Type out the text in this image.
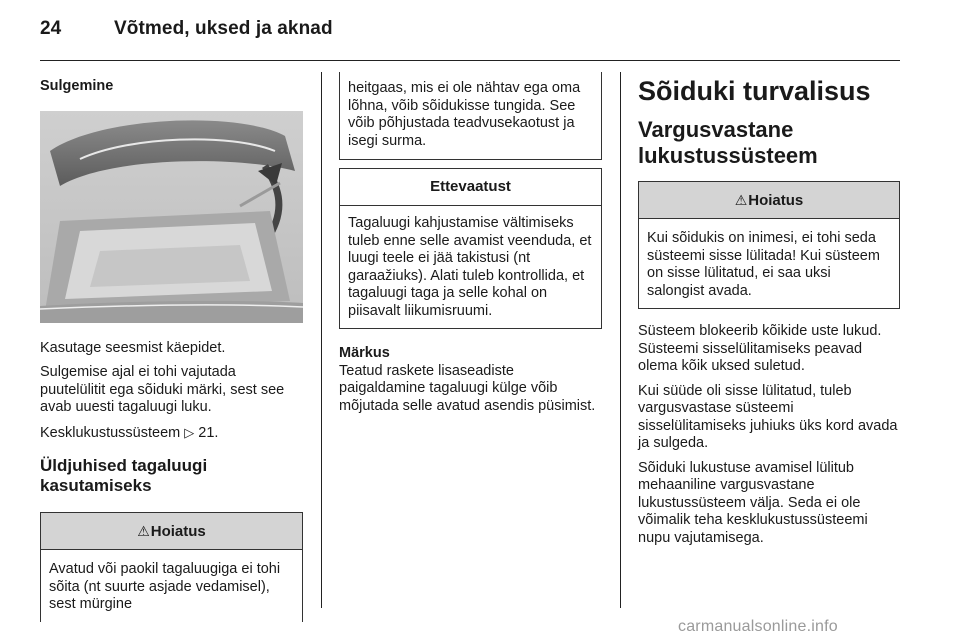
24	Võtmed, uksed ja aknad

Sulgemine

Kasutage seesmist käepidet.

Sulgemise ajal ei tohi vajutada puutelülitit ega sõiduki märki, sest see avab uuesti tagaluugi luku.

Kesklukustussüsteem ▷ 21.

Üldjuhised tagaluugi kasutamiseks

⚠Hoiatus
Avatud või paokil tagaluugiga ei tohi sõita (nt suurte asjade vedamisel), sest mürgine
heitgaas, mis ei ole nähtav ega oma lõhna, võib sõidukisse tungida. See võib põhjustada teadvusekaotust ja isegi surma.
Ettevaatust
Tagaluugi kahjustamise vältimiseks tuleb enne selle avamist veenduda, et luugi teele ei jää takistusi (nt garaažiuks). Alati tuleb kontrollida, et tagaluugi taga ja selle kohal on piisavalt liikumisruumi.

Märkus

Teatud raskete lisaseadiste paigaldamine tagaluugi külge võib mõjutada selle avatud asendis püsimist.

Sõiduki turvalisus

Vargusvastane lukustussüsteem

⚠Hoiatus
Kui sõidukis on inimesi, ei tohi seda süsteemi sisse lülitada! Kui süsteem on sisse lülitatud, ei saa uksi salongist avada.

Süsteem blokeerib kõikide uste lukud. Süsteemi sisselülitamiseks peavad olema kõik uksed suletud.

Kui süüde oli sisse lülitatud, tuleb vargusvastase süsteemi sisselülitamiseks juhiuks üks kord avada ja sulgeda.

Sõiduki lukustuse avamisel lülitub mehaaniline vargusvastane lukustussüsteem välja. Seda ei ole võimalik teha kesklukustussüsteemi nupu vajutamisega.

carmanualsonline.info
